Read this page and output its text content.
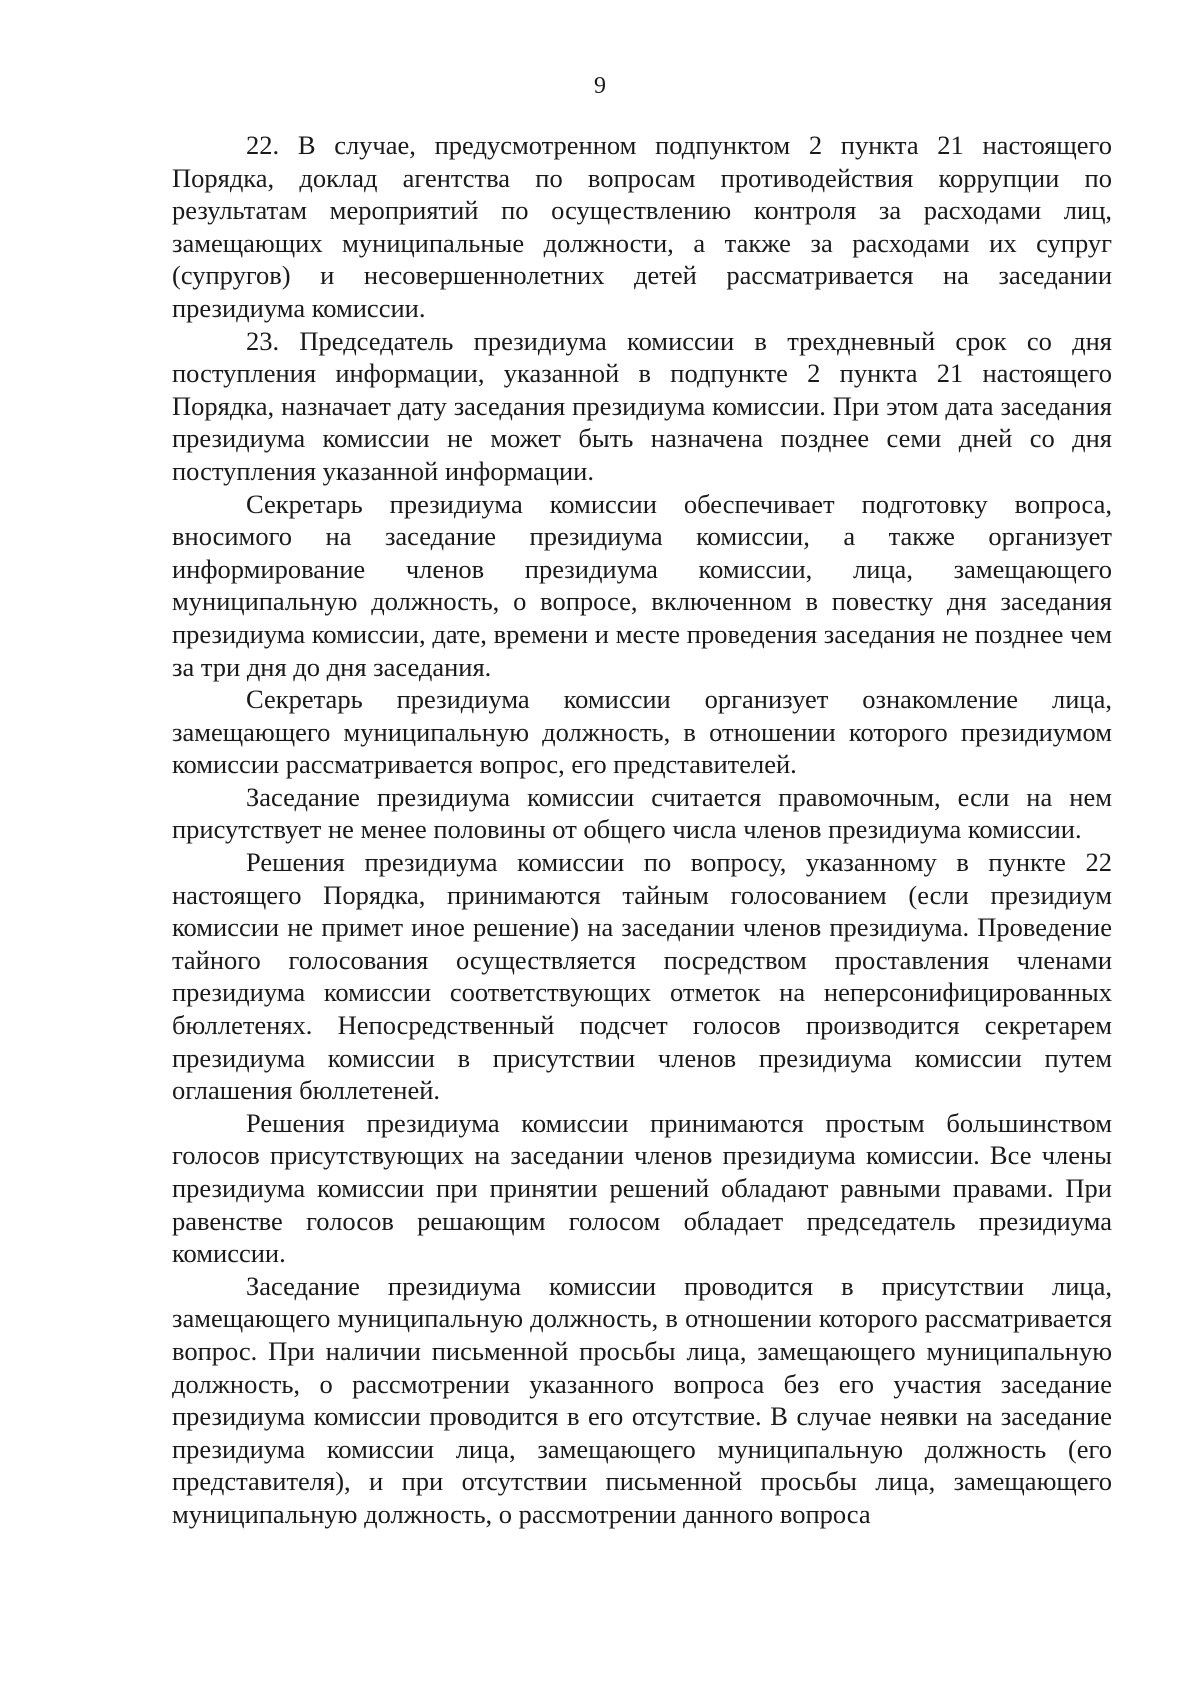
9

22. В случае, предусмотренном подпунктом 2 пункта 21 настоящего Порядка, доклад агентства по вопросам противодействия коррупции по результатам мероприятий по осуществлению контроля за расходами лиц, замещающих муниципальные должности, а также за расходами их супруг (супругов) и несовершеннолетних детей рассматривается на заседании президиума комиссии.

23. Председатель президиума комиссии в трехдневный срок со дня поступления информации, указанной в подпункте 2 пункта 21 настоящего Порядка, назначает дату заседания президиума комиссии. При этом дата заседания президиума комиссии не может быть назначена позднее семи дней со дня поступления указанной информации.

Секретарь президиума комиссии обеспечивает подготовку вопроса, вносимого на заседание президиума комиссии, а также организует информирование членов президиума комиссии, лица, замещающего муниципальную должность, о вопросе, включенном в повестку дня заседания президиума комиссии, дате, времени и месте проведения заседания не позднее чем за три дня до дня заседания.

Секретарь президиума комиссии организует ознакомление лица, замещающего муниципальную должность, в отношении которого президиумом комиссии рассматривается вопрос, его представителей.

Заседание президиума комиссии считается правомочным, если на нем присутствует не менее половины от общего числа членов президиума комиссии.

Решения президиума комиссии по вопросу, указанному в пункте 22 настоящего Порядка, принимаются тайным голосованием (если президиум комиссии не примет иное решение) на заседании членов президиума. Проведение тайного голосования осуществляется посредством проставления членами президиума комиссии соответствующих отметок на неперсонифицированных бюллетенях. Непосредственный подсчет голосов производится секретарем президиума комиссии в присутствии членов президиума комиссии путем оглашения бюллетеней.

Решения президиума комиссии принимаются простым большинством голосов присутствующих на заседании членов президиума комиссии. Все члены президиума комиссии при принятии решений обладают равными правами. При равенстве голосов решающим голосом обладает председатель президиума комиссии.

Заседание президиума комиссии проводится в присутствии лица, замещающего муниципальную должность, в отношении которого рассматривается вопрос. При наличии письменной просьбы лица, замещающего муниципальную должность, о рассмотрении указанного вопроса без его участия заседание президиума комиссии проводится в его отсутствие. В случае неявки на заседание президиума комиссии лица, замещающего муниципальную должность (его представителя), и при отсутствии письменной просьбы лица, замещающего муниципальную должность, о рассмотрении данного вопроса
